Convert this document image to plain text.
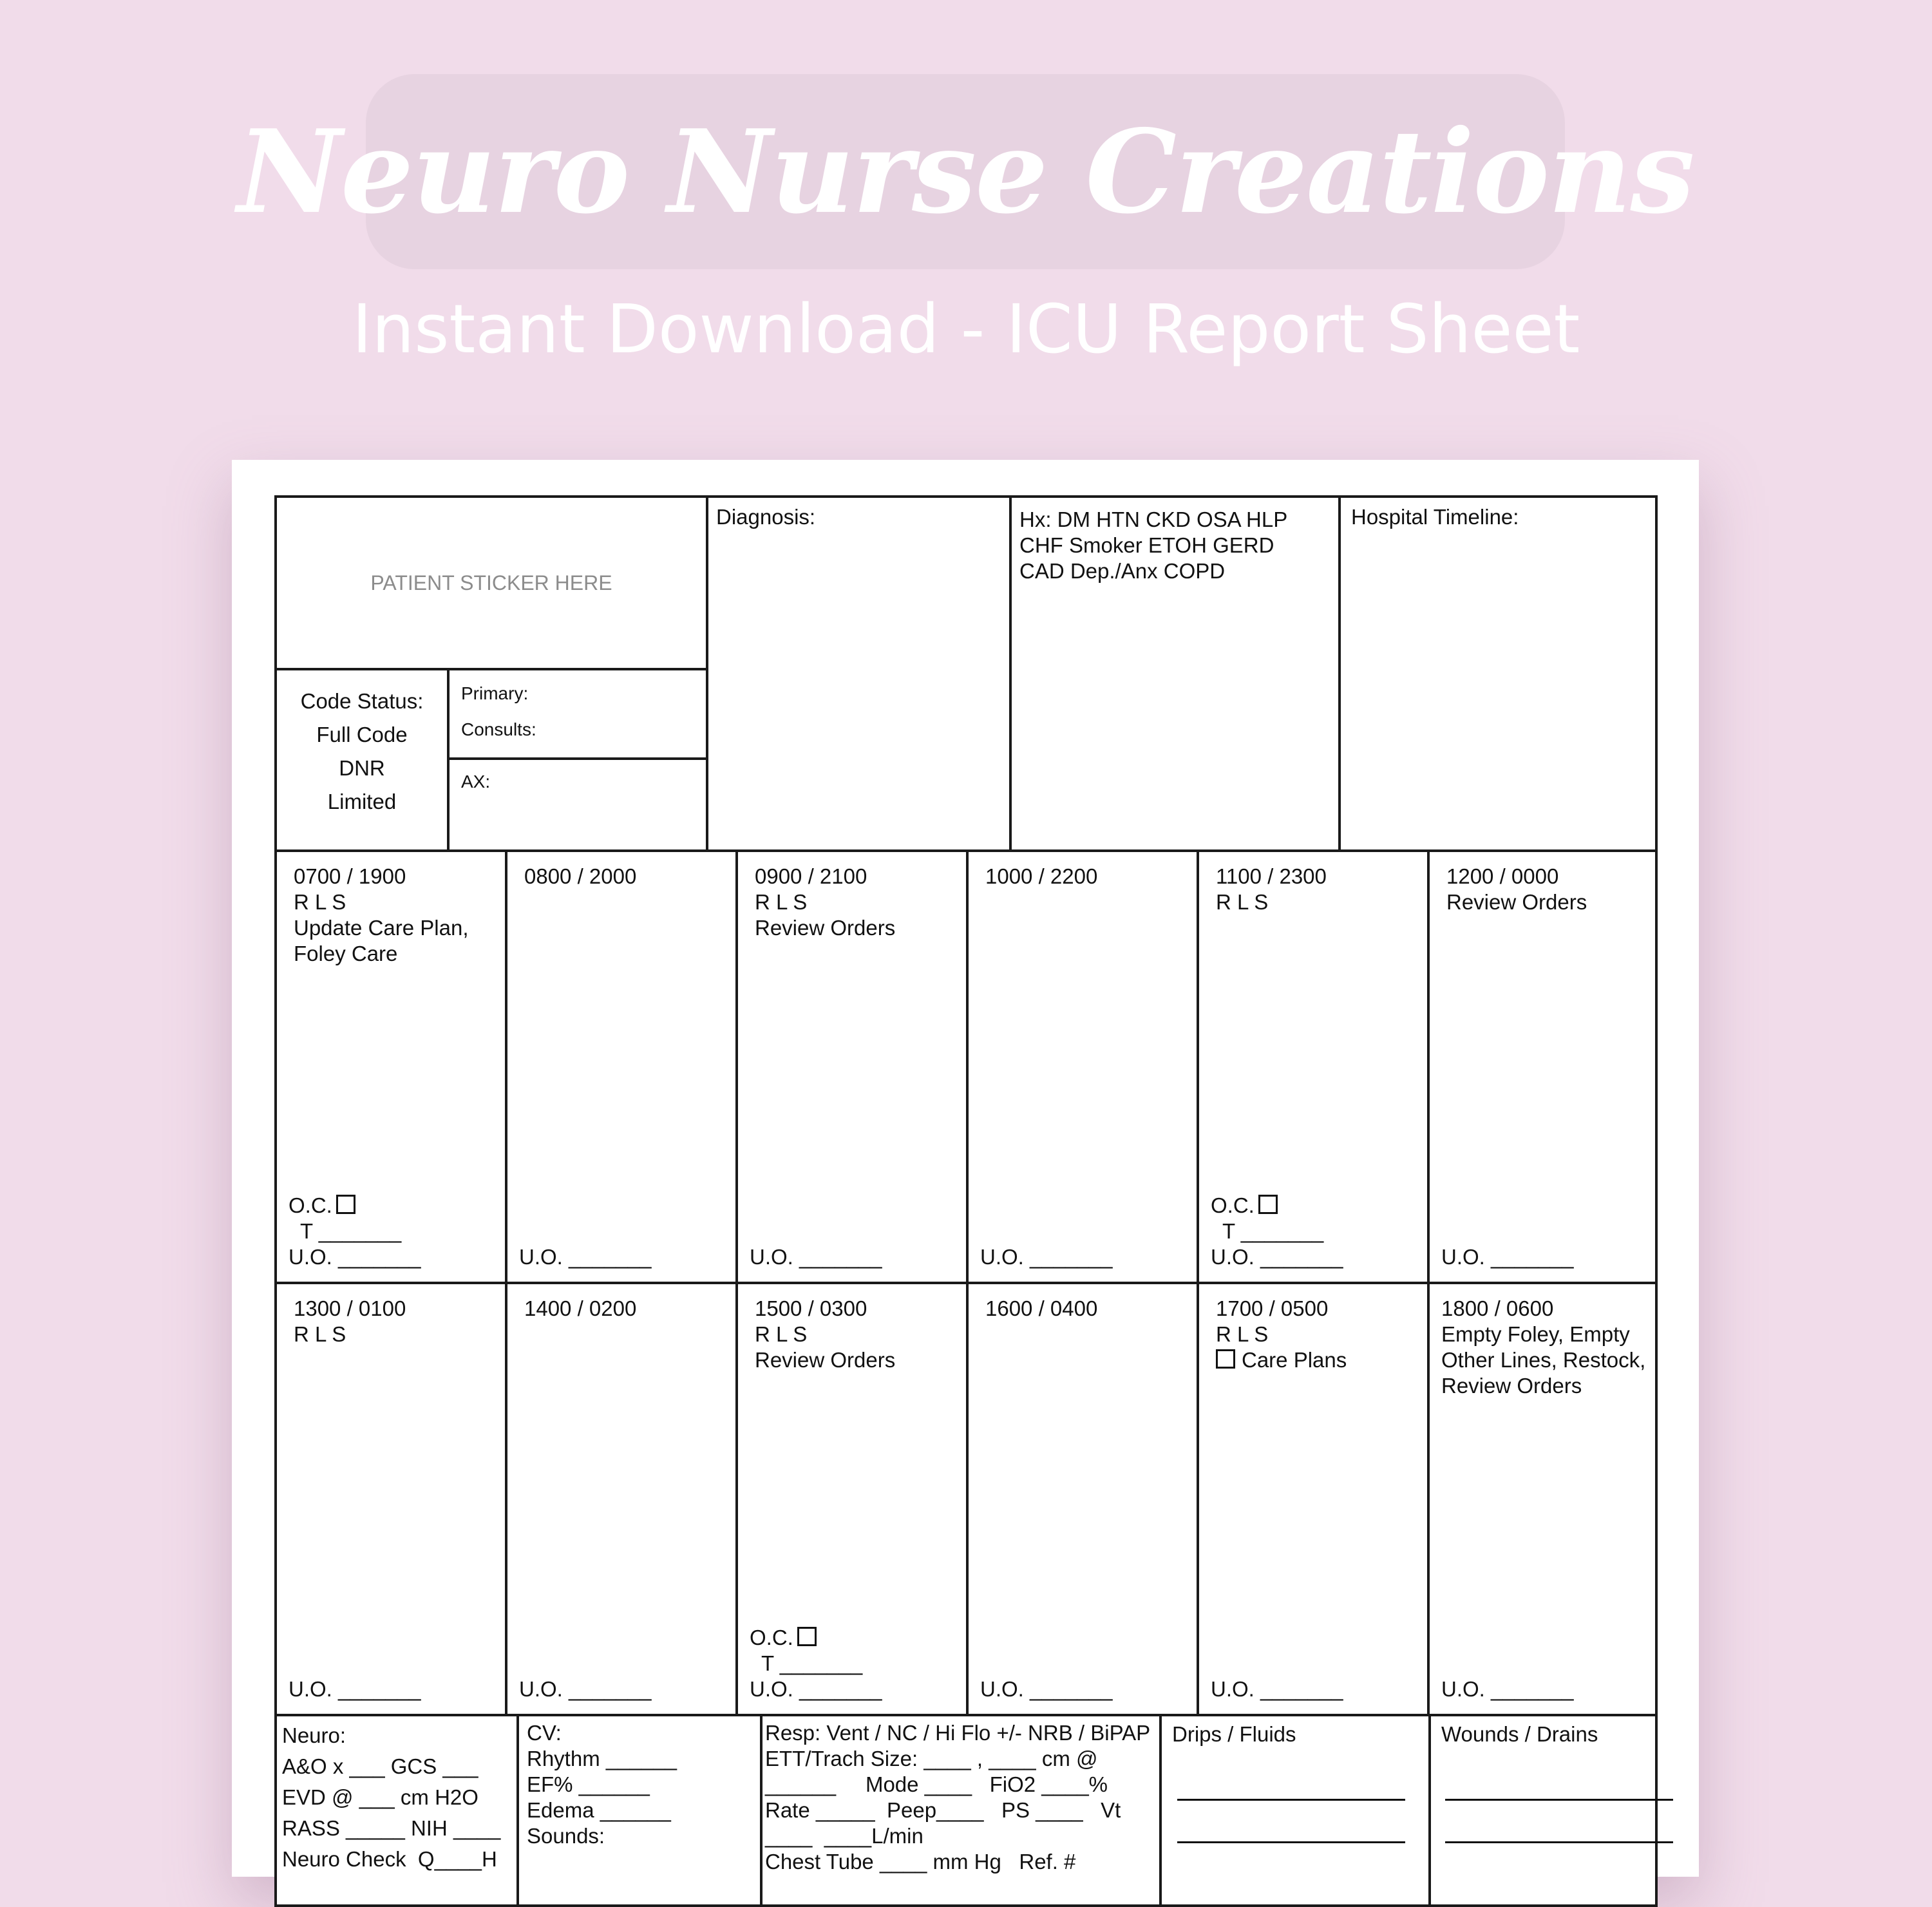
Neuro Nurse Creations
Instant Download - ICU Report Sheet
PATIENT STICKER HERE
Code Status:
Full Code
DNR
Limited
Primary:
Consults:
AX:
Diagnosis:	Hx: DM HTN CKD OSA HLP
CHF Smoker ETOH GERD
CAD Dep./Anx COPD
Hospital Timeline:
0700 / 1900
R L S
Update Care Plan,
Foley Care
O.C.
T _______
U.O. _______
0800 / 2000
U.O. _______
0900 / 2100
R L S
Review Orders
U.O. _______
1000 / 2200
U.O. _______
1100 / 2300
R L S
O.C.
T _______
U.O. _______
1200 / 0000
Review Orders
U.O. _______
1300 / 0100
R L S
U.O. _______
1400 / 0200
U.O. _______
1500 / 0300
R L S
Review Orders
O.C.
T _______
U.O. _______
1600 / 0400
U.O. _______
1700 / 0500
R L S
Care Plans
U.O. _______
1800 / 0600
Empty Foley, Empty
Other Lines, Restock,
Review Orders
U.O. _______
Neuro:
A&O x ___ GCS ___
EVD @ ___ cm H2O
RASS _____ NIH ____
Neuro Check  Q____H
CV:
Rhythm ______
EF% ______
Edema ______
Sounds:
Resp: Vent / NC / Hi Flo +/- NRB / BiPAP
ETT/Trach Size: ____ , ____ cm @
______     Mode ____   FiO2 ____%
Rate _____  Peep____   PS ____   Vt
____  ____L/min
Chest Tube ____ mm Hg   Ref. #
Drips / Fluids	Wounds / Drains
